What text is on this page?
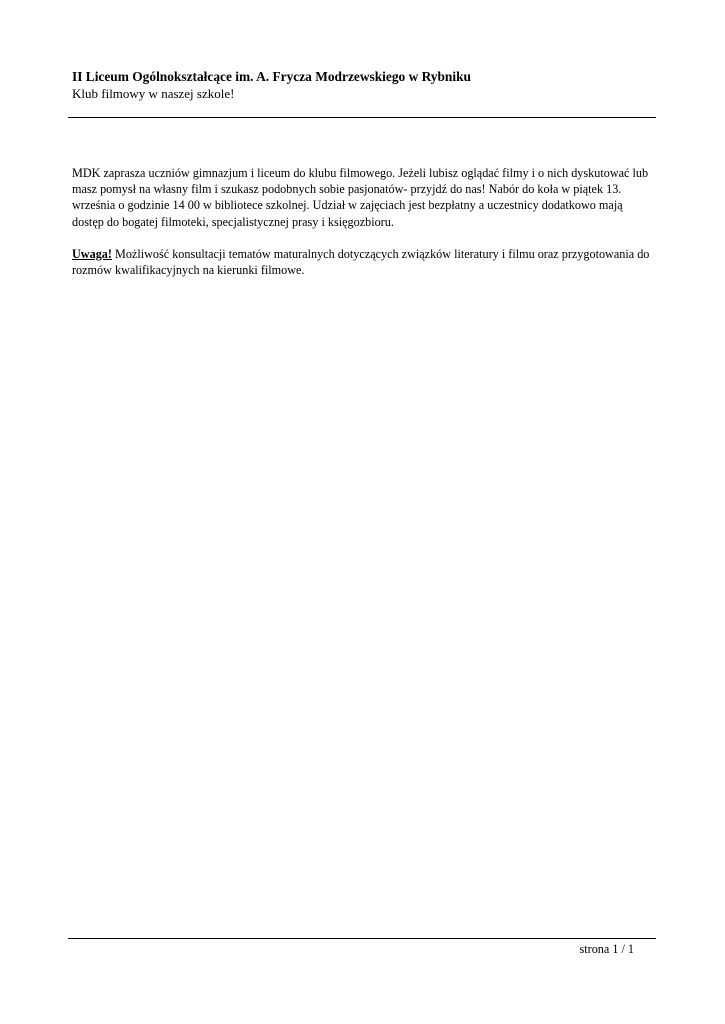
II Liceum Ogólnokształcące im. A. Frycza Modrzewskiego w Rybniku

Klub filmowy w naszej szkole!

MDK zaprasza uczniów gimnazjum i liceum do klubu filmowego. Jeżeli lubisz oglądać filmy i o nich dyskutować lub
masz pomysł na własny film i szukasz podobnych sobie pasjonatów- przyjdź do nas! Nabór do koła w piątek 13.
września o godzinie 14 00 w bibliotece szkolnej. Udział w zajęciach jest bezpłatny a uczestnicy dodatkowo mają
dostęp do bogatej filmoteki, specjalistycznej prasy i księgozbioru.

Uwaga! Możliwość konsultacji tematów maturalnych dotyczących związków literatury i filmu oraz przygotowania do
rozmów kwalifikacyjnych na kierunki filmowe.

strona 1 / 1
